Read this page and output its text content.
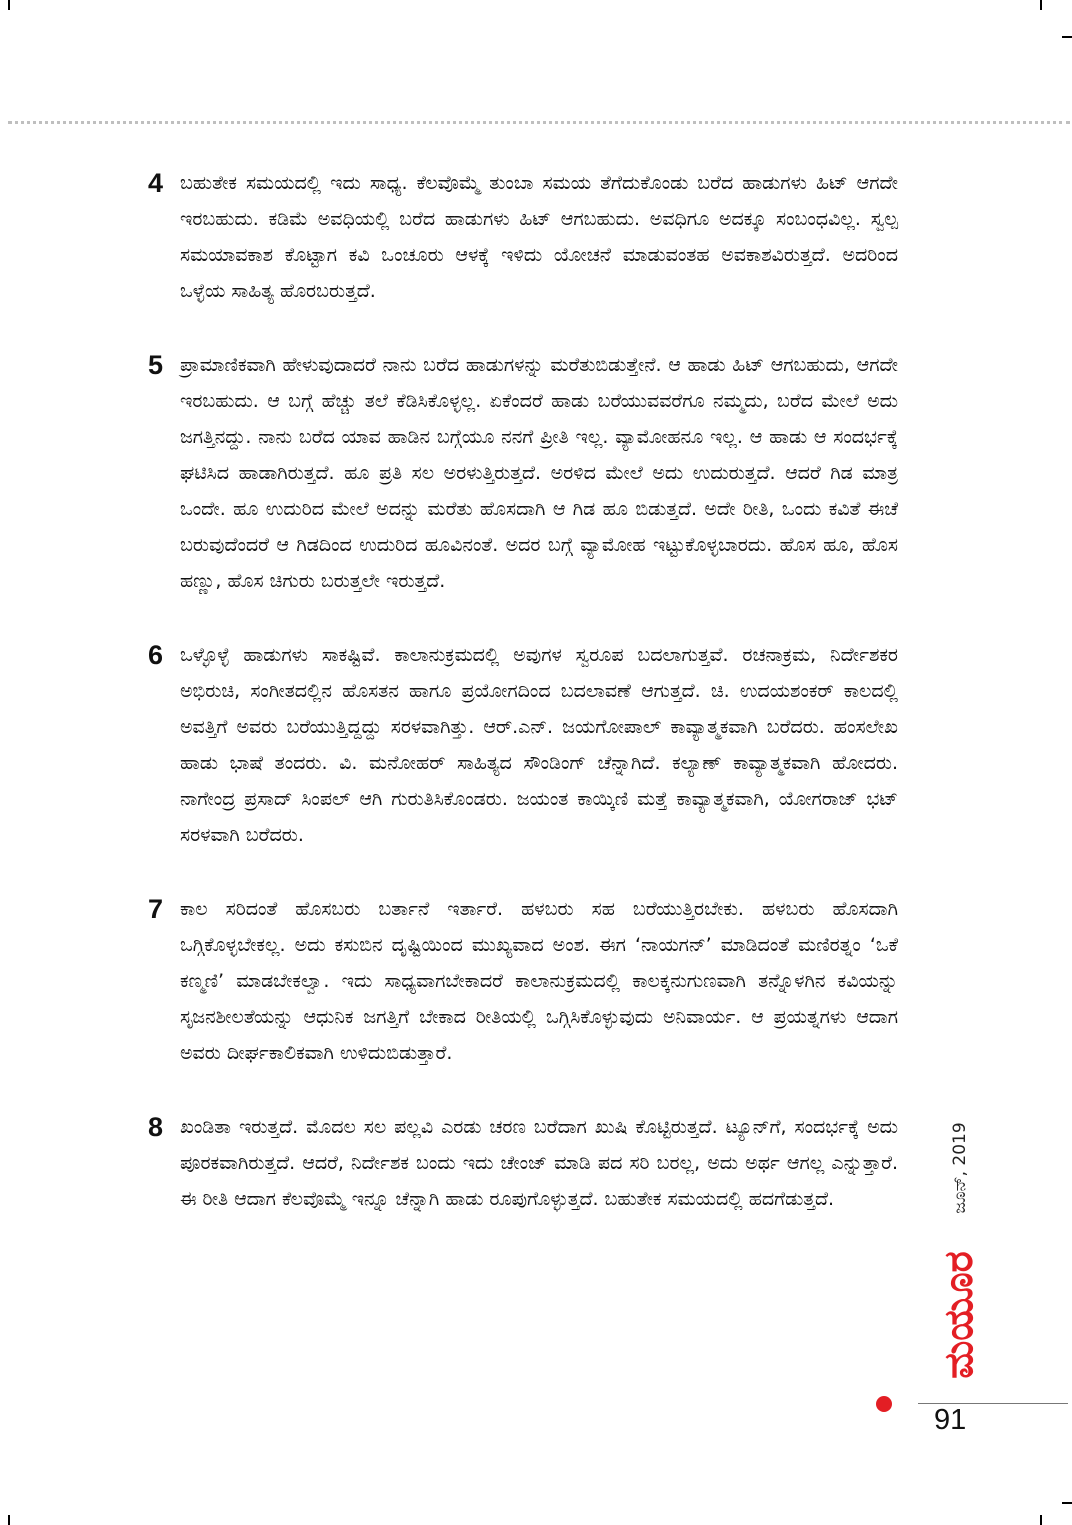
4 ಬಹುತೇಕ ಸಮಯದಲ್ಲಿ ಇದು ಸಾಧ್ಯ. ಕೆಲವೊಮ್ಮೆ ತುಂಬಾ ಸಮಯ ತೆಗೆದುಕೊಂಡು ಬರೆದ ಹಾಡುಗಳು ಹಿಟ್ ಆಗದೇ ಇರಬಹುದು. ಕಡಿಮೆ ಅವಧಿಯಲ್ಲಿ ಬರೆದ ಹಾಡುಗಳು ಹಿಟ್ ಆಗಬಹುದು. ಅವಧಿಗೂ ಅದಕ್ಕೂ ಸಂಬಂಧವಿಲ್ಲ. ಸ್ವಲ್ಪ ಸಮಯಾವಕಾಶ ಕೊಟ್ಟಾಗ ಕವಿ ಒಂಚೂರು ಆಳಕ್ಕೆ ಇಳಿದು ಯೋಚನೆ ಮಾಡುವಂತಹ ಅವಕಾಶವಿರುತ್ತದೆ. ಅದರಿಂದ ಒಳ್ಳೆಯ ಸಾಹಿತ್ಯ ಹೊರಬರುತ್ತದೆ.

5 ಪ್ರಾಮಾಣಿಕವಾಗಿ ಹೇಳುವುದಾದರೆ ನಾನು ಬರೆದ ಹಾಡುಗಳನ್ನು ಮರೆತುಬಿಡುತ್ತೇನೆ. ಆ ಹಾಡು ಹಿಟ್ ಆಗಬಹುದು, ಆಗದೇ ಇರಬಹುದು. ಆ ಬಗ್ಗೆ ಹೆಚ್ಚು ತಲೆ ಕೆಡಿಸಿಕೊಳ್ಳಲ್ಲ. ಏಕೆಂದರೆ ಹಾಡು ಬರೆಯುವವರೆಗೂ ನಮ್ಮದು, ಬರೆದ ಮೇಲೆ ಅದು ಜಗತ್ತಿನದ್ದು. ನಾನು ಬರೆದ ಯಾವ ಹಾಡಿನ ಬಗ್ಗೆಯೂ ನನಗೆ ಪ್ರೀತಿ ಇಲ್ಲ. ವ್ಯಾಮೋಹನೂ ಇಲ್ಲ. ಆ ಹಾಡು ಆ ಸಂದರ್ಭಕ್ಕೆ ಘಟಿಸಿದ ಹಾಡಾಗಿರುತ್ತದೆ. ಹೂ ಪ್ರತಿ ಸಲ ಅರಳುತ್ತಿರುತ್ತದೆ. ಅರಳಿದ ಮೇಲೆ ಅದು ಉದುರುತ್ತದೆ. ಆದರೆ ಗಿಡ ಮಾತ್ರ ಒಂದೇ. ಹೂ ಉದುರಿದ ಮೇಲೆ ಅದನ್ನು ಮರೆತು ಹೊಸದಾಗಿ ಆ ಗಿಡ ಹೂ ಬಿಡುತ್ತದೆ. ಅದೇ ರೀತಿ, ಒಂದು ಕವಿತೆ ಈಚೆ ಬರುವುದೆಂದರೆ ಆ ಗಿಡದಿಂದ ಉದುರಿದ ಹೂವಿನಂತೆ. ಅದರ ಬಗ್ಗೆ ವ್ಯಾಮೋಹ ಇಟ್ಟುಕೊಳ್ಳಬಾರದು. ಹೊಸ ಹೂ, ಹೊಸ ಹಣ್ಣು, ಹೊಸ ಚಿಗುರು ಬರುತ್ತಲೇ ಇರುತ್ತದೆ.

6 ಒಳ್ಳೊಳ್ಳೆ ಹಾಡುಗಳು ಸಾಕಷ್ಟಿವೆ. ಕಾಲಾನುಕ್ರಮದಲ್ಲಿ ಅವುಗಳ ಸ್ವರೂಪ ಬದಲಾಗುತ್ತವೆ. ರಚನಾಕ್ರಮ, ನಿರ್ದೇಶಕರ ಅಭಿರುಚಿ, ಸಂಗೀತದಲ್ಲಿನ ಹೊಸತನ ಹಾಗೂ ಪ್ರಯೋಗದಿಂದ ಬದಲಾವಣೆ ಆಗುತ್ತದೆ. ಚಿ. ಉದಯಶಂಕರ್ ಕಾಲದಲ್ಲಿ ಅವತ್ತಿಗೆ ಅವರು ಬರೆಯುತ್ತಿದ್ದದ್ದು ಸರಳವಾಗಿತ್ತು. ಆರ್.ಎನ್. ಜಯಗೋಪಾಲ್ ಕಾವ್ಯಾತ್ಮಕವಾಗಿ ಬರೆದರು. ಹಂಸಲೇಖ ಹಾಡು ಭಾಷೆ ತಂದರು. ವಿ. ಮನೋಹರ್ ಸಾಹಿತ್ಯದ ಸೌಂಡಿಂಗ್ ಚೆನ್ನಾಗಿದೆ. ಕಲ್ಯಾಣ್ ಕಾವ್ಯಾತ್ಮಕವಾಗಿ ಹೋದರು. ನಾಗೇಂದ್ರ ಪ್ರಸಾದ್ ಸಿಂಪಲ್ ಆಗಿ ಗುರುತಿಸಿಕೊಂಡರು. ಜಯಂತ ಕಾಯ್ಕಿಣಿ ಮತ್ತೆ ಕಾವ್ಯಾತ್ಮಕವಾಗಿ, ಯೋಗರಾಜ್ ಭಟ್ ಸರಳವಾಗಿ ಬರೆದರು.

7 ಕಾಲ ಸರಿದಂತೆ ಹೊಸಬರು ಬರ್ತಾನೆ ಇರ್ತಾರೆ. ಹಳಬರು ಸಹ ಬರೆಯುತ್ತಿರಬೇಕು. ಹಳಬರು ಹೊಸದಾಗಿ ಒಗ್ಗಿಕೊಳ್ಳಬೇಕಲ್ಲ. ಅದು ಕಸುಬಿನ ದೃಷ್ಟಿಯಿಂದ ಮುಖ್ಯವಾದ ಅಂಶ. ಈಗ ‘ನಾಯಗನ್’ ಮಾಡಿದಂತೆ ಮಣಿರತ್ನಂ ‘ಒಕೆ ಕಣ್ಮಣಿ’ ಮಾಡಬೇಕಲ್ವಾ. ಇದು ಸಾಧ್ಯವಾಗಬೇಕಾದರೆ ಕಾಲಾನುಕ್ರಮದಲ್ಲಿ ಕಾಲಕ್ಕನುಗುಣವಾಗಿ ತನ್ನೊಳಗಿನ ಕವಿಯನ್ನು ಸೃಜನಶೀಲತೆಯನ್ನು ಆಧುನಿಕ ಜಗತ್ತಿಗೆ ಬೇಕಾದ ರೀತಿಯಲ್ಲಿ ಒಗ್ಗಿಸಿಕೊಳ್ಳುವುದು ಅನಿವಾರ್ಯ. ಆ ಪ್ರಯತ್ನಗಳು ಆದಾಗ ಅವರು ದೀರ್ಘಕಾಲಿಕವಾಗಿ ಉಳಿದುಬಿಡುತ್ತಾರೆ.

8 ಖಂಡಿತಾ ಇರುತ್ತದೆ. ಮೊದಲ ಸಲ ಪಲ್ಲವಿ ಎರಡು ಚರಣ ಬರೆದಾಗ ಖುಷಿ ಕೊಟ್ಟಿರುತ್ತದೆ. ಟ್ಯೂನ್‌ಗೆ, ಸಂದರ್ಭಕ್ಕೆ ಅದು ಪೂರಕವಾಗಿರುತ್ತದೆ. ಆದರೆ, ನಿರ್ದೇಶಕ ಬಂದು ಇದು ಚೇಂಜ್ ಮಾಡಿ ಪದ ಸರಿ ಬರಲ್ಲ, ಅದು ಅರ್ಥ ಆಗಲ್ಲ ಎನ್ನುತ್ತಾರೆ. ಈ ರೀತಿ ಆದಾಗ ಕೆಲವೊಮ್ಮೆ ಇನ್ನೂ ಚೆನ್ನಾಗಿ ಹಾಡು ರೂಪುಗೊಳ್ಳುತ್ತದೆ. ಬಹುತೇಕ ಸಮಯದಲ್ಲಿ ಹದಗೆಡುತ್ತದೆ.	ಜೂನ್, 2019
ಮಯೂರ
91
